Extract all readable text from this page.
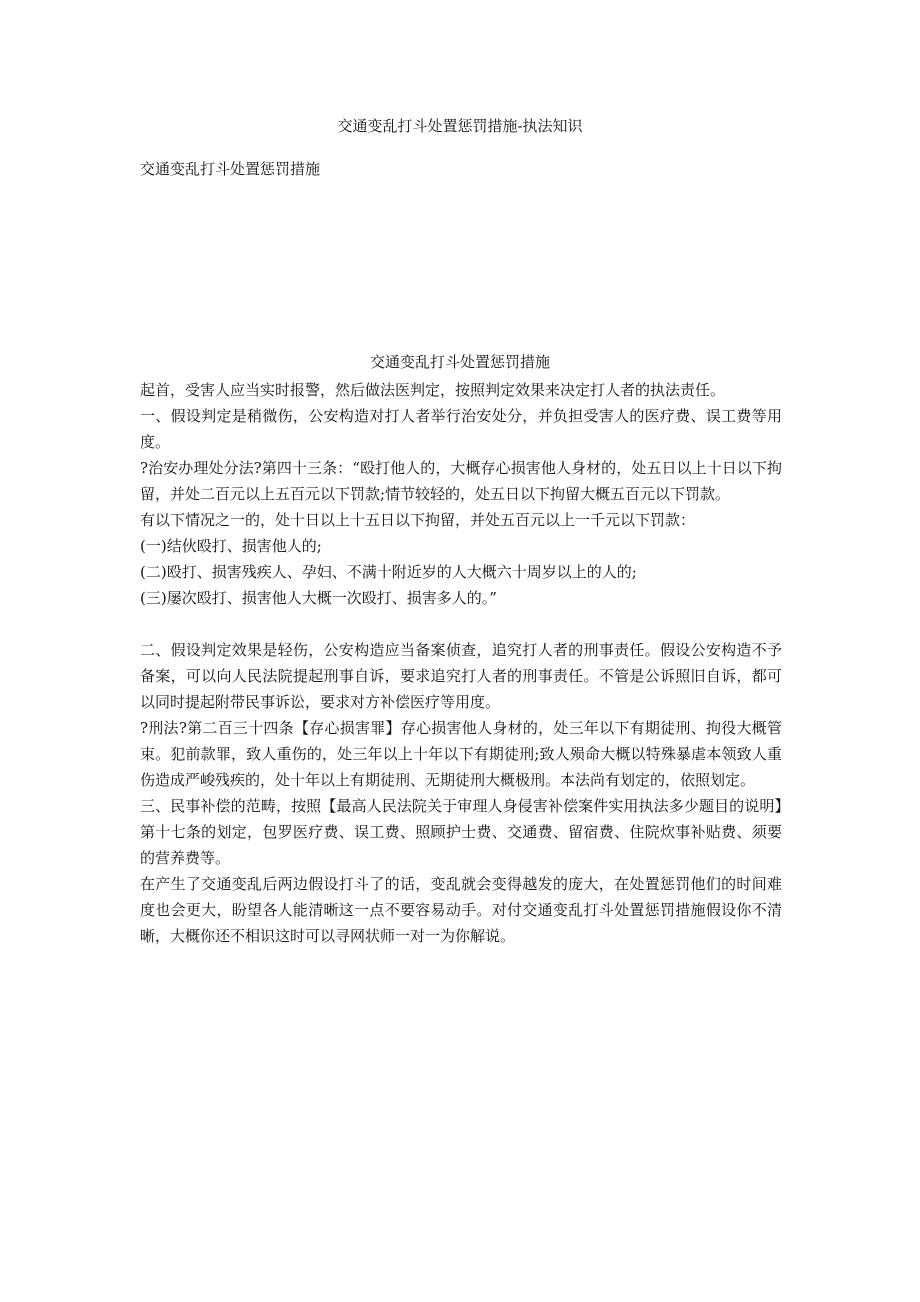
交通变乱打斗处置惩罚措施-执法知识
交通变乱打斗处置惩罚措施
交通变乱打斗处置惩罚措施

起首，受害人应当实时报警，然后做法医判定，按照判定效果来决定打人者的执法责任。

一、假设判定是稍微伤，公安构造对打人者举行治安处分，并负担受害人的医疗费、误工费等用度。

?治安办理处分法?第四十三条：“殴打他人的，大概存心损害他人身材的，处五日以上十日以下拘留，并处二百元以上五百元以下罚款;情节较轻的，处五日以下拘留大概五百元以下罚款。

有以下情况之一的，处十日以上十五日以下拘留，并处五百元以上一千元以下罚款：

(一)结伙殴打、损害他人的;

(二)殴打、损害残疾人、孕妇、不满十附近岁的人大概六十周岁以上的人的;

(三)屡次殴打、损害他人大概一次殴打、损害多人的。”

二、假设判定效果是轻伤，公安构造应当备案侦查，追究打人者的刑事责任。假设公安构造不予备案，可以向人民法院提起刑事自诉，要求追究打人者的刑事责任。不管是公诉照旧自诉，都可以同时提起附带民事诉讼，要求对方补偿医疗等用度。

?刑法?第二百三十四条【存心损害罪】存心损害他人身材的，处三年以下有期徒刑、拘役大概管束。犯前款罪，致人重伤的，处三年以上十年以下有期徒刑;致人殒命大概以特殊暴虐本领致人重伤造成严峻残疾的，处十年以上有期徒刑、无期徒刑大概极刑。本法尚有划定的，依照划定。

三、民事补偿的范畴，按照【最高人民法院关于审理人身侵害补偿案件实用执法多少题目的说明】第十七条的划定，包罗医疗费、误工费、照顾护士费、交通费、留宿费、住院炊事补贴费、须要的营养费等。

在产生了交通变乱后两边假设打斗了的话，变乱就会变得越发的庞大，在处置惩罚他们的时间难度也会更大，盼望各人能清晰这一点不要容易动手。对付交通变乱打斗处置惩罚措施假设你不清晰，大概你还不相识这时可以寻网状师一对一为你解说。
